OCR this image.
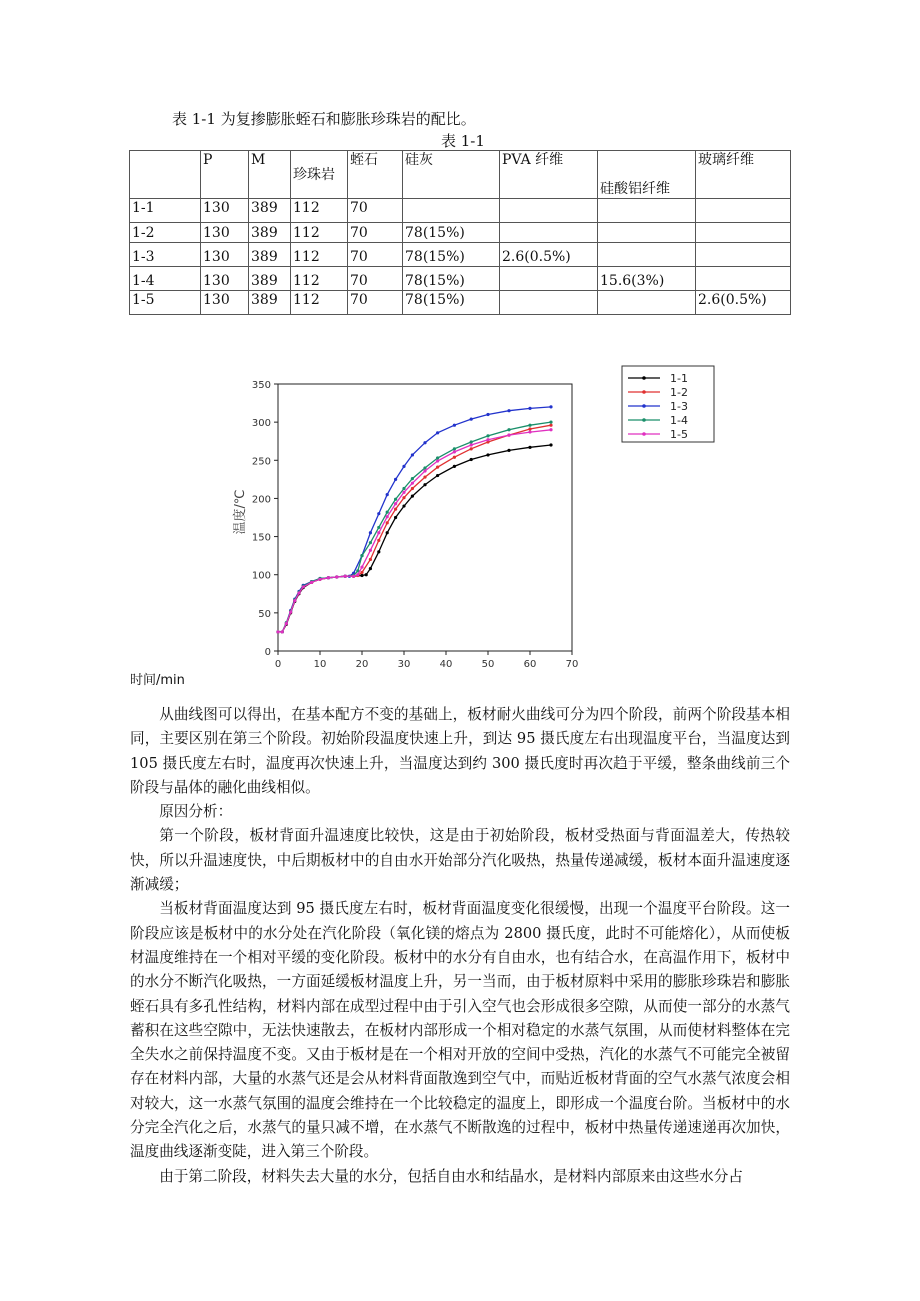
表 1-1 为复掺膨胀蛭石和膨胀珍珠岩的配比。
表 1-1
	P	M	珍珠岩	蛭石	硅灰	PVA 纤维	硅酸铝纤维	玻璃纤维
1-1	130	389	112	70				
1-2	130	389	112	70	78(15%)			
1-3	130	389	112	70	78(15%)	2.6(0.5%)		
1-4	130	389	112	70	78(15%)		15.6(3%)	
1-5	130	389	112	70	78(15%)			2.6(0.5%)
0
50
100
150
200
250
300
350
0	10	20	30	40	50	60	70
1-1
1-2
1-3
1-4
1-5
温度/℃
时间/min

从曲线图可以得出，在基本配方不变的基础上，板材耐火曲线可分为四个阶段，前两个阶段基本相同，主要区别在第三个阶段。初始阶段温度快速上升，到达 95 摄氏度左右出现温度平台，当温度达到 105 摄氏度左右时，温度再次快速上升，当温度达到约 300 摄氏度时再次趋于平缓，整条曲线前三个阶段与晶体的融化曲线相似。

原因分析：

第一个阶段，板材背面升温速度比较快，这是由于初始阶段，板材受热面与背面温差大，传热较快，所以升温速度快，中后期板材中的自由水开始部分汽化吸热，热量传递减缓，板材本面升温速度逐渐减缓；

当板材背面温度达到 95 摄氏度左右时，板材背面温度变化很缓慢，出现一个温度平台阶段。这一阶段应该是板材中的水分处在汽化阶段（氧化镁的熔点为 2800 摄氏度，此时不可能熔化），从而使板材温度维持在一个相对平缓的变化阶段。板材中的水分有自由水，也有结合水，在高温作用下，板材中的水分不断汽化吸热，一方面延缓板材温度上升，另一当而，由于板材原料中采用的膨胀珍珠岩和膨胀蛭石具有多孔性结构，材料内部在成型过程中由于引入空气也会形成很多空隙，从而使一部分的水蒸气蓄积在这些空隙中，无法快速散去，在板材内部形成一个相对稳定的水蒸气氛围，从而使材料整体在完全失水之前保持温度不变。又由于板材是在一个相对开放的空间中受热，汽化的水蒸气不可能完全被留存在材料内部，大量的水蒸气还是会从材料背面散逸到空气中，而贴近板材背面的空气水蒸气浓度会相对较大，这一水蒸气氛围的温度会维持在一个比较稳定的温度上，即形成一个温度台阶。当板材中的水分完全汽化之后，水蒸气的量只减不增，在水蒸气不断散逸的过程中，板材中热量传递速递再次加快，温度曲线逐渐变陡，进入第三个阶段。

由于第二阶段，材料失去大量的水分，包括自由水和结晶水，是材料内部原来由这些水分占
